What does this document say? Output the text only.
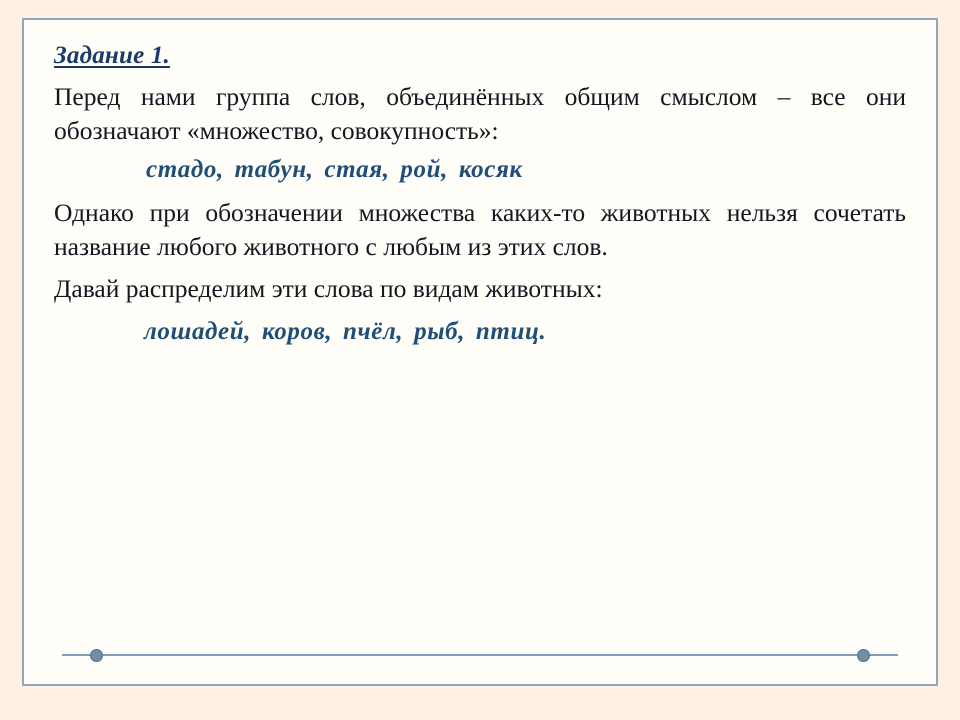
Задание 1.

Перед нами группа слов, объединённых общим смыслом – все они обозначают «множество, совокупность»:

стадо, табун, стая, рой, косяк

Однако при обозначении множества каких-то животных нельзя сочетать название любого животного с любым из этих слов.

Давай распределим эти слова по видам животных:

лошадей, коров, пчёл, рыб, птиц.
